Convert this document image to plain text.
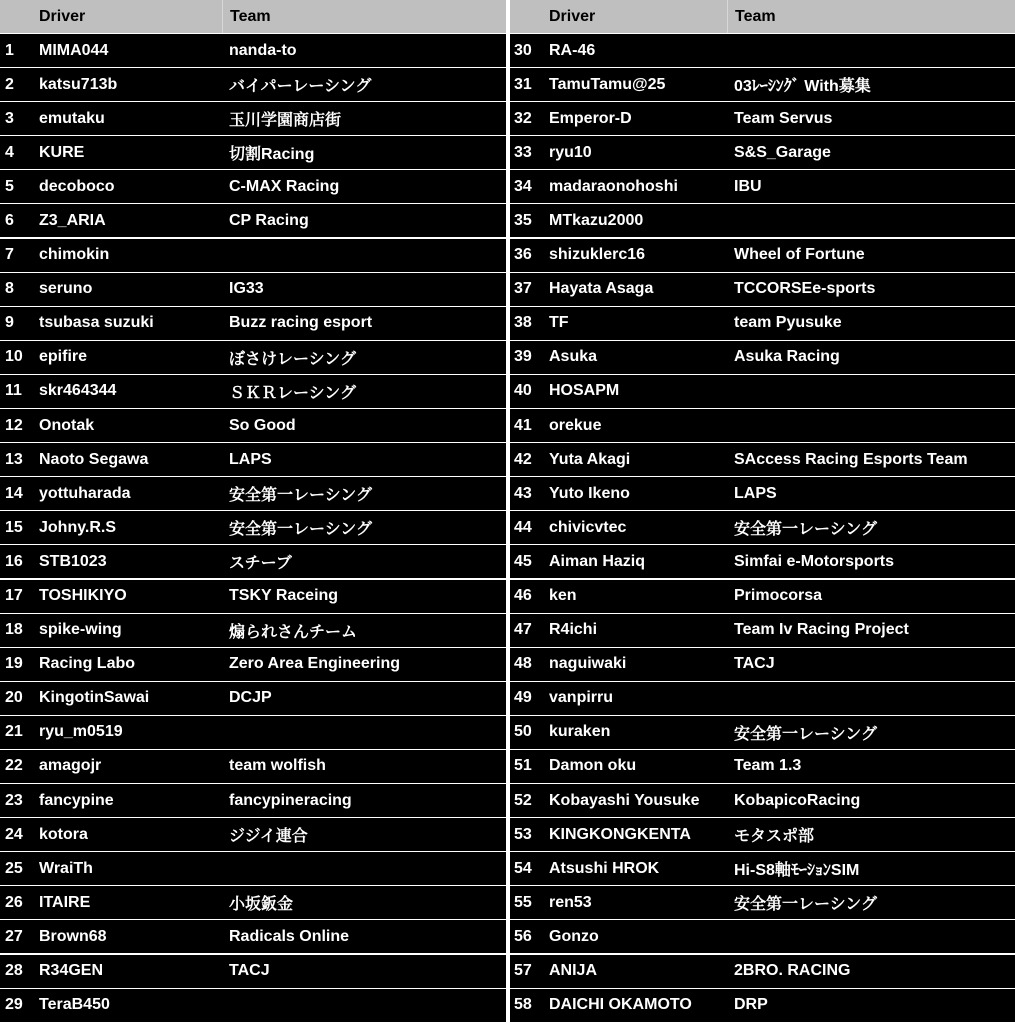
Driver	Team
1	MIMA044	nanda-to
2	katsu713b	バイパーレーシング
3	emutaku	玉川学園商店街
4	KURE	切割Racing
5	decoboco	C-MAX Racing
6	Z3_ARIA	CP Racing
7	chimokin
8	seruno	IG33
9	tsubasa suzuki	Buzz racing esport
10	epifire	ぼさけレーシング
11	skr464344	ＳＫＲレーシング
12	Onotak	So Good
13	Naoto Segawa	LAPS
14	yottuharada	安全第一レーシング
15	Johny.R.S	安全第一レーシング
16	STB1023	スチーブ
17	TOSHIKIYO	TSKY Raceing
18	spike-wing	煽られさんチーム
19	Racing Labo	Zero Area Engineering
20	KingotinSawai	DCJP
21	ryu_m0519
22	amagojr	team wolfish
23	fancypine	fancypineracing
24	kotora	ジジイ連合
25	WraiTh
26	ITAIRE	小坂鈑金
27	Brown68	Radicals Online
28	R34GEN	TACJ
29	TeraB450
Driver	Team
30	RA-46
31	TamuTamu@25	03ﾚｰｼﾝｸﾞ With募集
32	Emperor-D	Team Servus
33	ryu10	S&S_Garage
34	madaraonohoshi	IBU
35	MTkazu2000
36	shizuklerc16	Wheel of Fortune
37	Hayata Asaga	TCCORSEe-sports
38	TF	team Pyusuke
39	Asuka	Asuka Racing
40	HOSAPM
41	orekue
42	Yuta Akagi	SAccess Racing Esports Team
43	Yuto Ikeno	LAPS
44	chivicvtec	安全第一レーシング
45	Aiman Haziq	Simfai e-Motorsports
46	ken	Primocorsa
47	R4ichi	Team Iv Racing Project
48	naguiwaki	TACJ
49	vanpirru
50	kuraken	安全第一レーシング
51	Damon oku	Team 1.3
52	Kobayashi Yousuke	KobapicoRacing
53	KINGKONGKENTA	モタスポ部
54	Atsushi HROK	Hi-S8軸ﾓｰｼｮﾝSIM
55	ren53	安全第一レーシング
56	Gonzo
57	ANIJA	2BRO. RACING
58	DAICHI OKAMOTO	DRP
